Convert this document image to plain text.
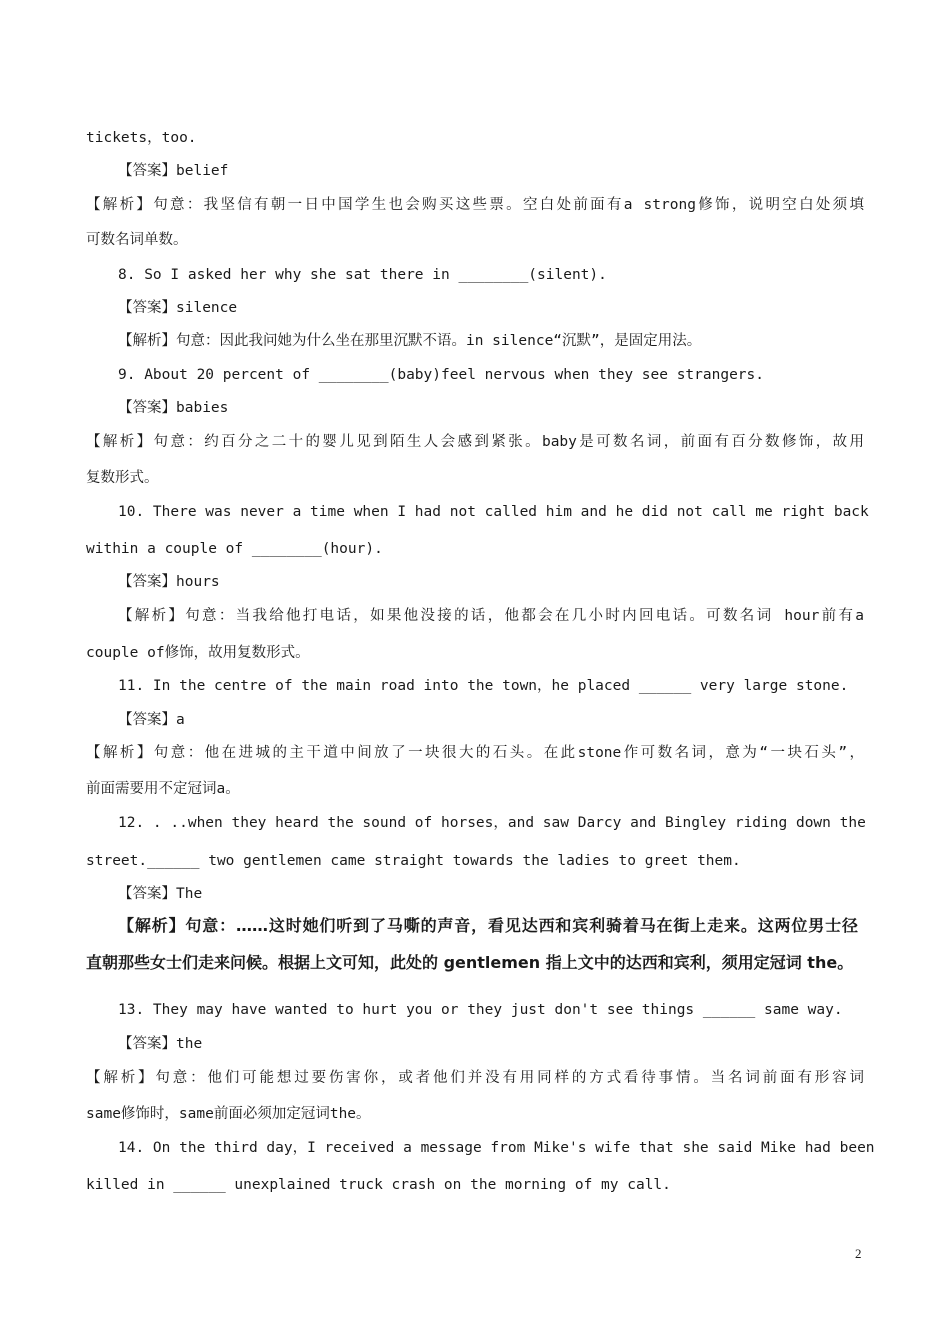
tickets，too.
【答案】belief
【解析】句意：我坚信有朝一日中国学生也会购买这些票。空白处前面有a strong修饰，说明空白处须填
可数名词单数。
8. So I asked her why she sat there in ________(silent).
【答案】silence
【解析】句意：因此我问她为什么坐在那里沉默不语。in silence“沉默”，是固定用法。
9. About 20 percent of ________(baby)feel nervous when they see strangers.
【答案】babies
【解析】句意：约百分之二十的婴儿见到陌生人会感到紧张。baby是可数名词，前面有百分数修饰，故用
复数形式。
10. There was never a time when I had not called him and he did not call me right back
within a couple of ________(hour).
【答案】hours
【解析】句意：当我给他打电话，如果他没接的话，他都会在几小时内回电话。可数名词 hour前有a
couple of修饰，故用复数形式。
11. In the centre of the main road into the town，he placed ______ very large stone.
【答案】a
【解析】句意：他在进城的主干道中间放了一块很大的石头。在此stone作可数名词，意为“一块石头”，
前面需要用不定冠词a。
12. . ..when they heard the sound of horses，and saw Darcy and Bingley riding down the
street.______ two gentlemen came straight towards the ladies to greet them.
【答案】The
【解析】句意：……这时她们听到了马嘶的声音，看见达西和宾利骑着马在街上走来。这两位男士径
直朝那些女士们走来问候。根据上文可知，此处的 gentlemen 指上文中的达西和宾利，须用定冠词 the。
13. They may have wanted to hurt you or they just don't see things ______ same way.
【答案】the
【解析】句意：他们可能想过要伤害你，或者他们并没有用同样的方式看待事情。当名词前面有形容词
same修饰时，same前面必须加定冠词the。
14. On the third day，I received a message from Mike's wife that she said Mike had been
killed in ______ unexplained truck crash on the morning of my call.
2
